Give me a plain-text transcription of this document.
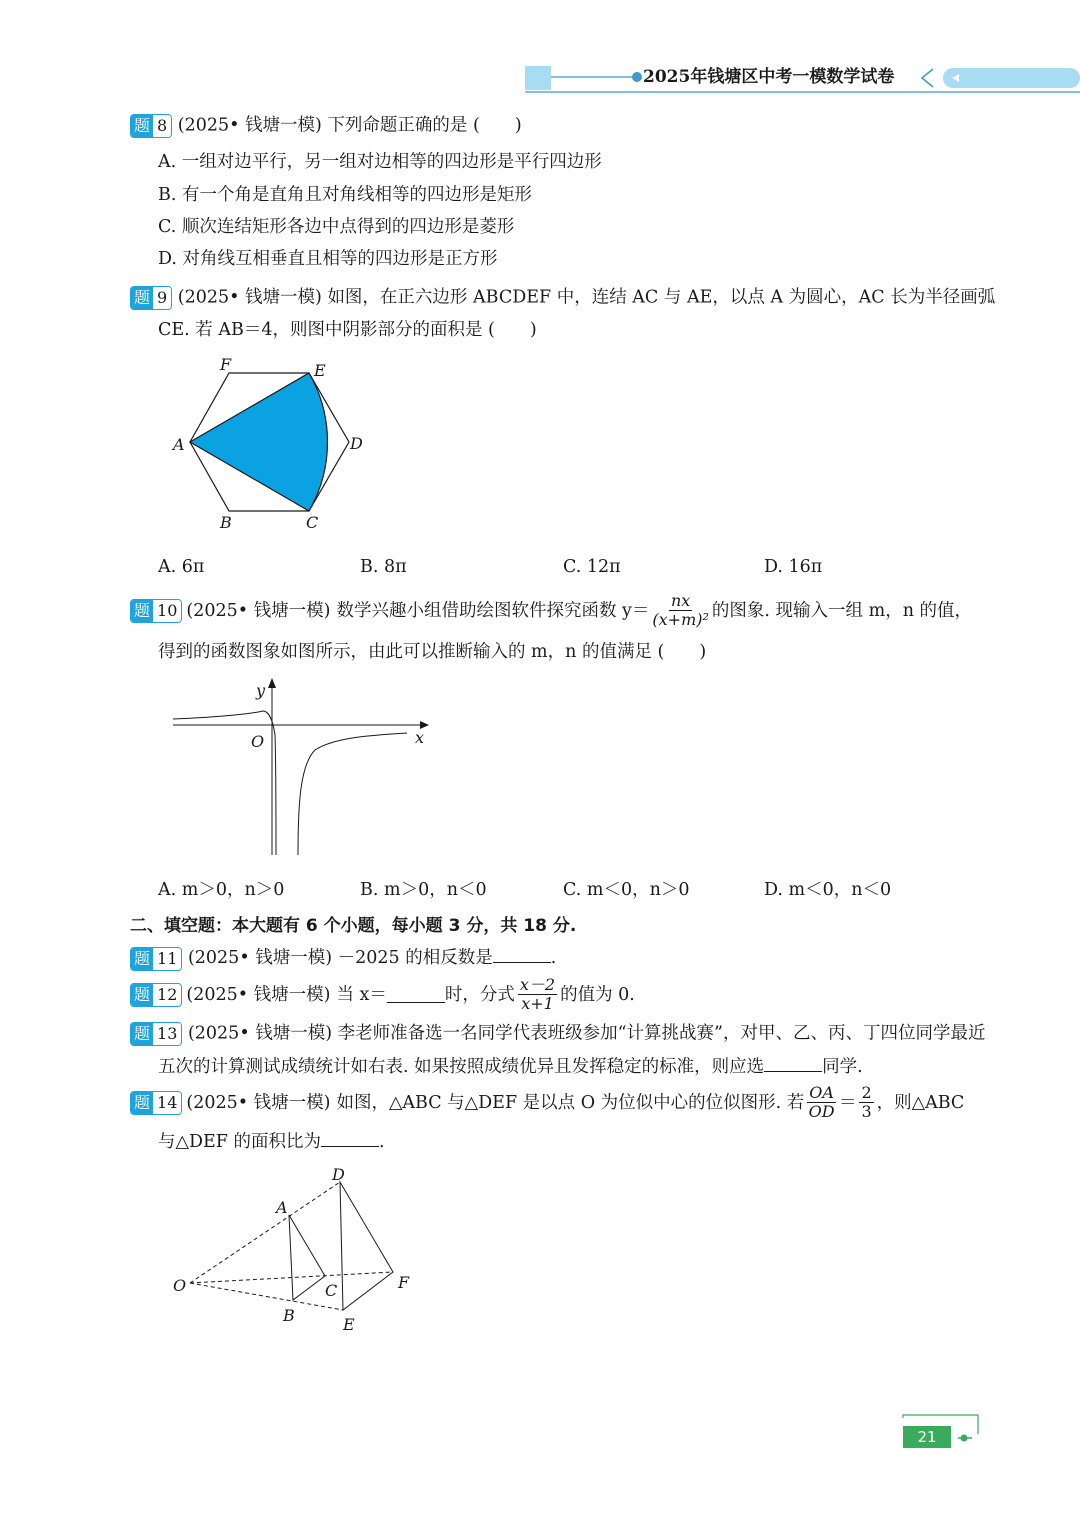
2025年钱塘区中考一模数学试卷
题 8 (2025• 钱塘一模) 下列命题正确的是 (　　)
A. 一组对边平行，另一组对边相等的四边形是平行四边形
B. 有一个角是直角且对角线相等的四边形是矩形
C. 顺次连结矩形各边中点得到的四边形是菱形
D. 对角线互相垂直且相等的四边形是正方形
题 9 (2025• 钱塘一模) 如图，在正六边形 ABCDEF 中，连结 AC 与 AE，以点 A 为圆心，AC 长为半径画弧
CE. 若 AB＝4，则图中阴影部分的面积是 (　　)
F	E
A	D
B	C
A. 6π	B. 8π	C. 12π	D. 16π
题 10 (2025• 钱塘一模) 数学兴趣小组借助绘图软件探究函数 $y= \frac{nx}{\text{(x+m)²}}$ 的图象. 现输入一组 m，n 的值，
得到的函数图象如图所示，由此可以推断输入的 m，n 的值满足 (　　)
y
x
O
A. m＞0，n＞0	B. m＞0，n＜0	C. m＜0，n＞0	D. m＜0，n＜0
二、填空题：本大题有 6 个小题，每小题 3 分，共 18 分.
题 11 (2025• 钱塘一模) －2025 的相反数是	.
题 12 (2025• 钱塘一模) 当 x＝	时，分式 $\frac{x-2}{x+1}$ 的值为 0.
题 13 (2025• 钱塘一模) 李老师准备选一名同学代表班级参加“计算挑战赛”，对甲、乙、丙、丁四位同学最近
五次的计算测试成绩统计如右表. 如果按照成绩优异且发挥稳定的标准，则应选	同学.
题 14 (2025• 钱塘一模) 如图，△ABC 与△DEF 是以点 O 为位似中心的位似图形. 若 $\frac{OA}{OD} = \frac{2}{3}$ ，则△ABC
与△DEF 的面积比为	.
O
A
B
C
D
E
F
21
